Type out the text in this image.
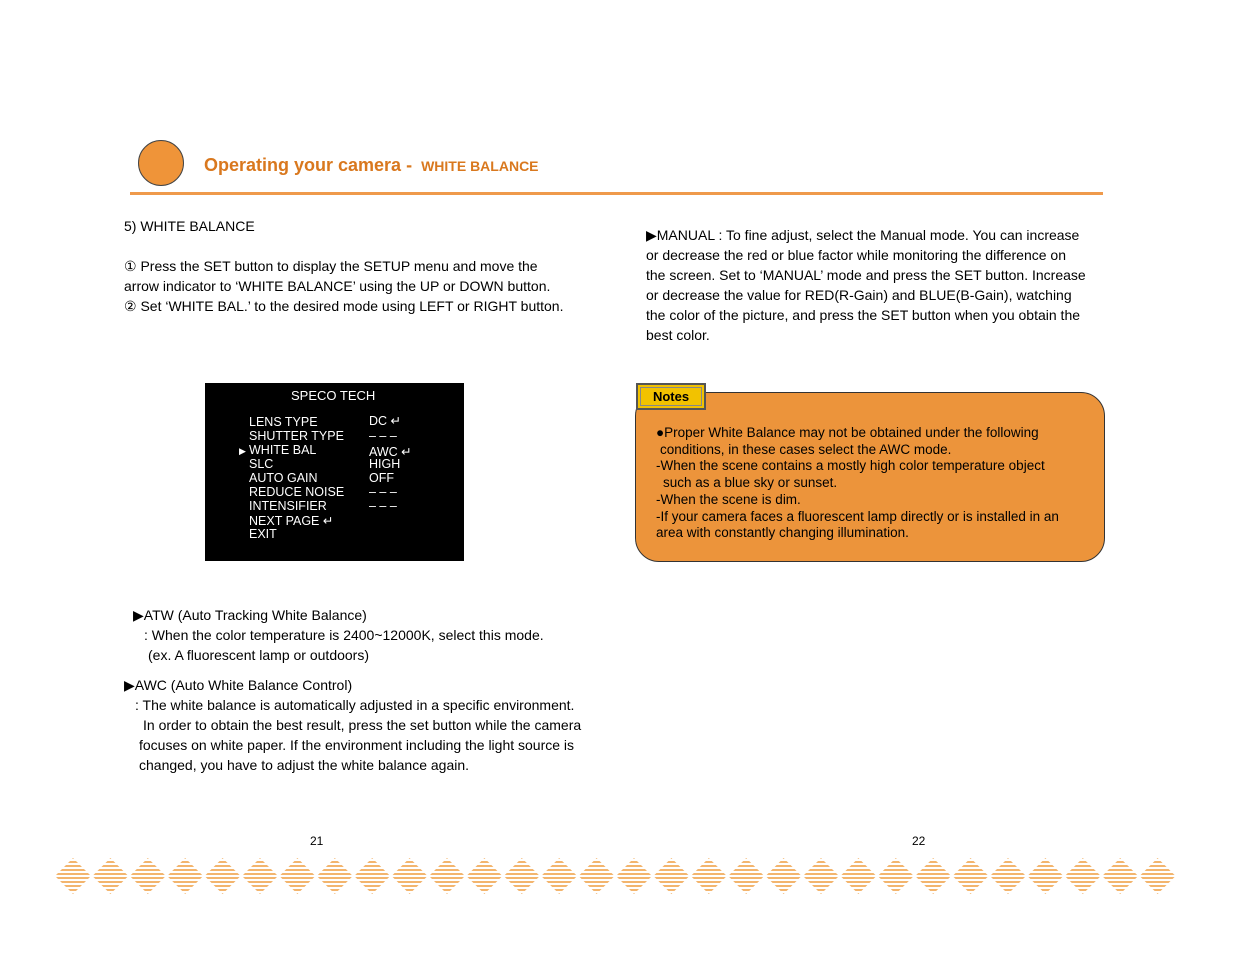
Operating your camera - WHITE BALANCE
5) WHITE BALANCE
① Press the SET button to display the SETUP menu and move the
arrow indicator to ‘WHITE BALANCE’ using the UP or DOWN button.
② Set ‘WHITE BAL.’ to the desired mode using LEFT or RIGHT button.
SPECO TECH
LENS TYPE	DC ↵
SHUTTER TYPE – – –
▶ WHITE BAL	AWC ↵
SLC	HIGH
AUTO GAIN	OFF
REDUCE NOISE – – –
INTENSIFIER	– – –
NEXT PAGE ↵
EXIT
▶ATW (Auto Tracking White Balance)
: When the color temperature is 2400~12000K, select this mode.
(ex. A fluorescent lamp or outdoors)
▶AWC (Auto White Balance Control)
: The white balance is automatically adjusted in a specific environment.
In order to obtain the best result, press the set button while the camera
focuses on white paper. If the environment including the light source is
changed, you have to adjust the white balance again.
21
▶MANUAL : To fine adjust, select the Manual mode. You can increase
or decrease the red or blue factor while monitoring the difference on
the screen. Set to ‘MANUAL’ mode and press the SET button. Increase
or decrease the value for RED(R-Gain) and BLUE(B-Gain), watching
the color of the picture, and press the SET button when you obtain the
best color.
Notes
●Proper White Balance may not be obtained under the following
conditions, in these cases select the AWC mode.
-When the scene contains a mostly high color temperature object
such as a blue sky or sunset.
-When the scene is dim.
-If your camera faces a fluorescent lamp directly or is installed in an
area with constantly changing illumination.
22
